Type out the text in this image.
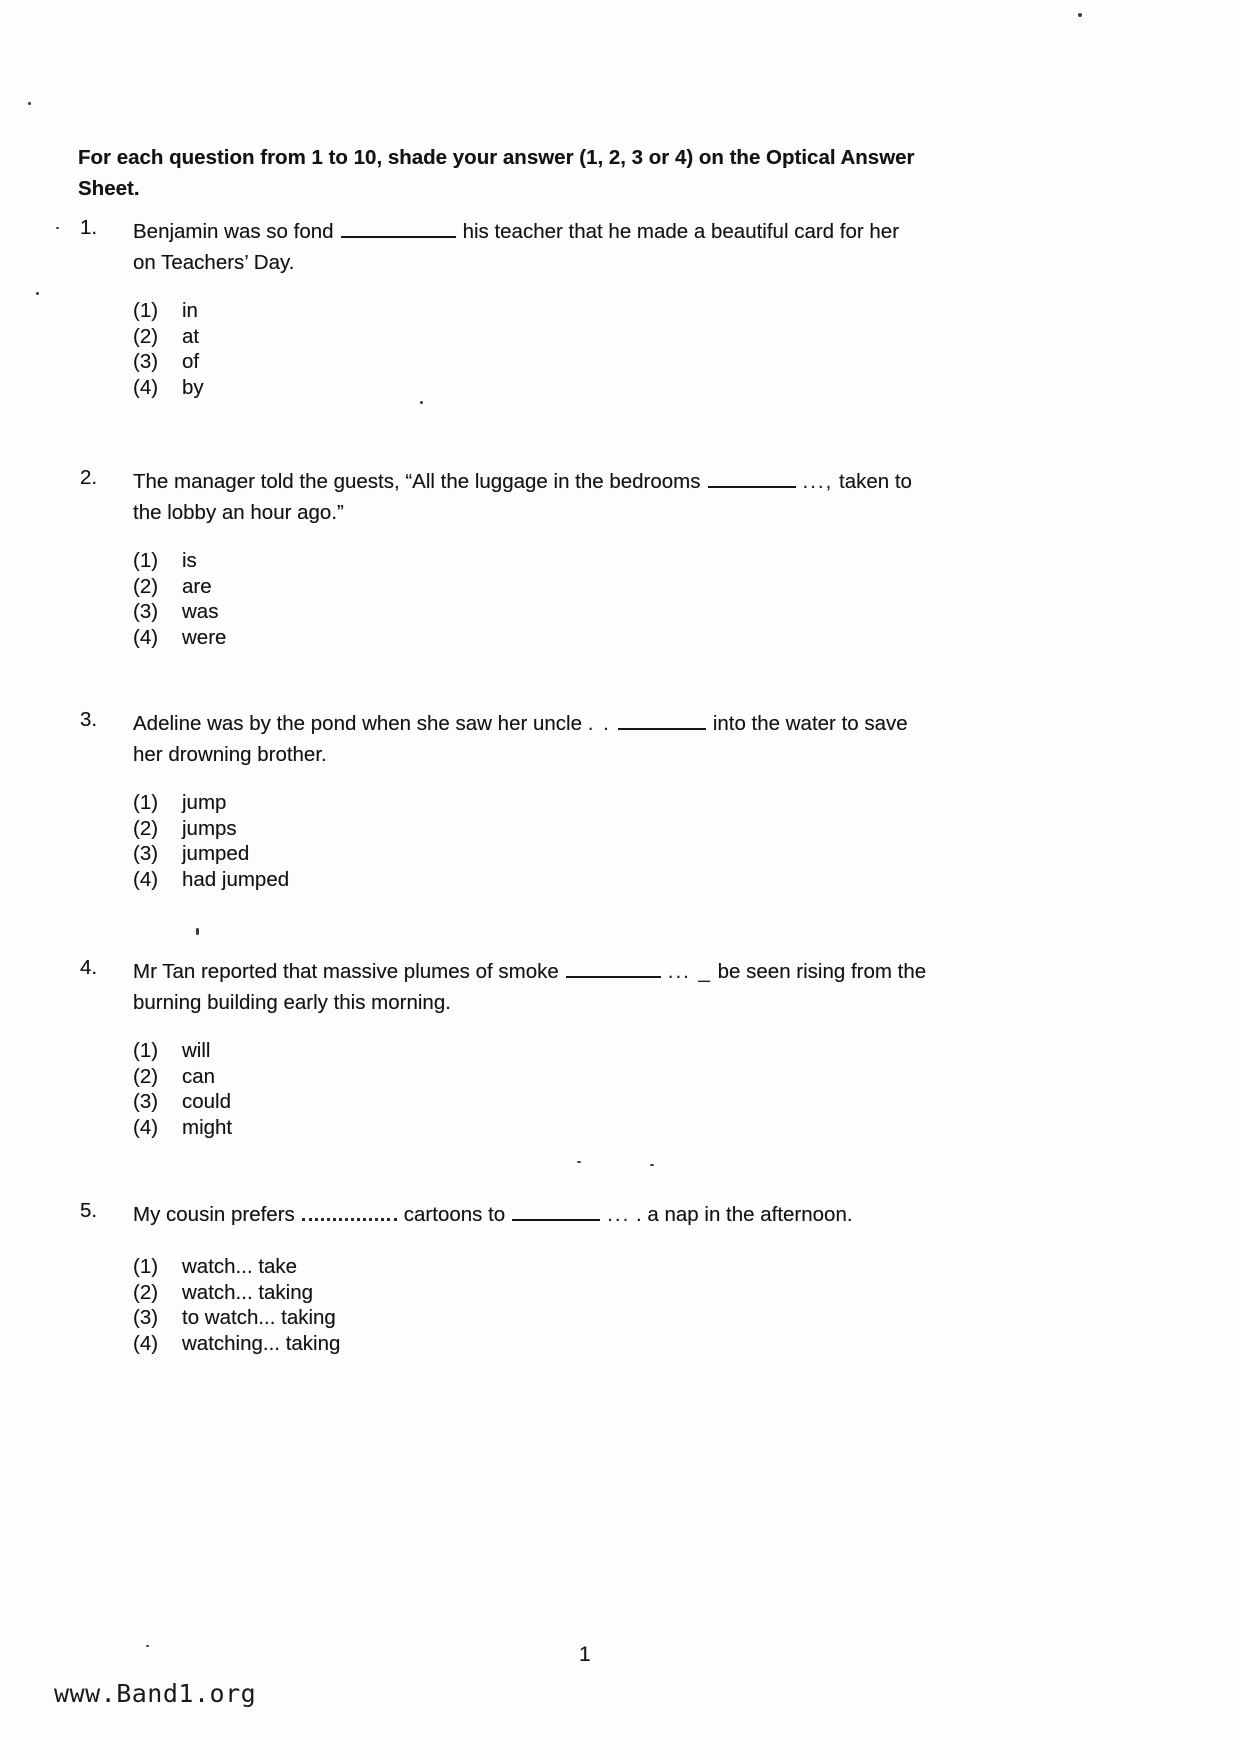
For each question from 1 to 10, shade your answer (1, 2, 3 or 4) on the Optical Answer
Sheet.
1. Benjamin was so fond	his teacher that he made a beautiful card for her
on Teachers’ Day.
(1)	in
(2)	at
(3)	of
(4)	by
2. The manager told the guests, “All the luggage in the bedrooms	..., taken to
the lobby an hour ago.”
(1)	is
(2)	are
(3)	was
(4)	were
3. Adeline was by the pond when she saw her uncle . .	into the water to save
her drowning brother.
(1)	jump
(2)	jumps
(3)	jumped
(4)	had jumped
4. Mr Tan reported that massive plumes of smoke	... _ be seen rising from the
burning building early this morning.
(1)	will
(2)	can
(3)	could
(4)	might
5. My cousin prefers	cartoons to	... . a nap in the afternoon.
(1)	watch... take
(2)	watch... taking
(3)	to watch... taking
(4)	watching... taking
1
www.Band1.org
